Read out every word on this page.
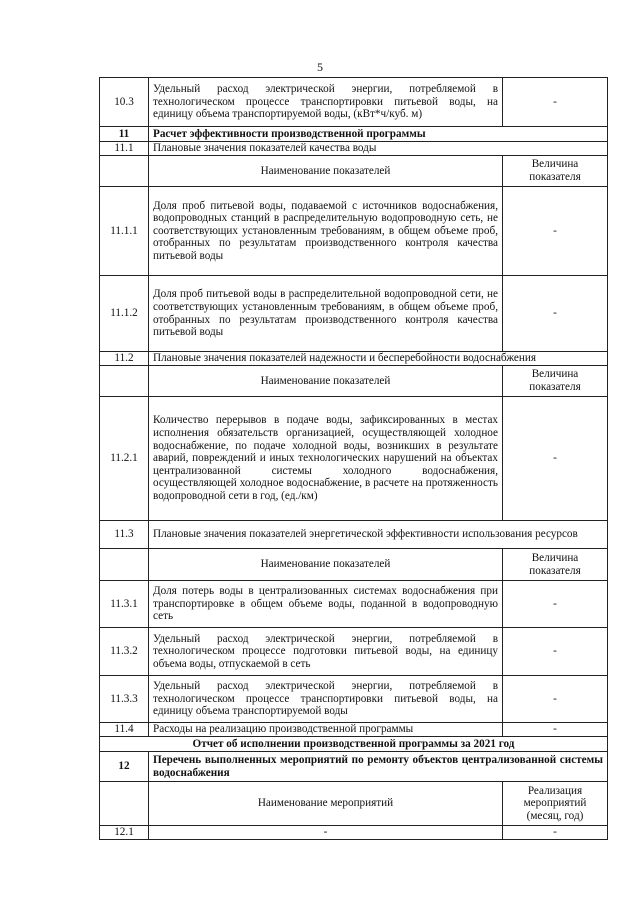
5
10.3	Удельный расход электрической энергии, потребляемой в технологическом процессе транспортировки питьевой воды, на единицу объема транспортируемой воды, (кВт*ч/куб. м)	-
11	Расчет эффективности производственной программы	
11.1	Плановые значения показателей качества воды	
	Наименование показателей	Величина показателя
11.1.1	Доля проб питьевой воды, подаваемой с источников водоснабжения, водопроводных станций в распределительную водопроводную сеть, не соответствующих установленным требованиям, в общем объеме проб, отобранных по результатам производственного контроля качества питьевой воды	-
11.1.2	Доля проб питьевой воды в распределительной водопроводной сети, не соответствующих установленным требованиям, в общем объеме проб, отобранных по результатам производственного контроля качества питьевой воды	-
11.2	Плановые значения показателей надежности и бесперебойности водоснабжения	
	Наименование показателей	Величина показателя
11.2.1	Количество перерывов в подаче воды, зафиксированных в местах исполнения обязательств организацией, осуществляющей холодное водоснабжение, по подаче холодной воды, возникших в результате аварий, повреждений и иных технологических нарушений на объектах централизованной системы холодного водоснабжения, осуществляющей холодное водоснабжение, в расчете на протяженность водопроводной сети в год, (ед./км)	-
11.3	Плановые значения показателей энергетической эффективности использования ресурсов	
	Наименование показателей	Величина показателя
11.3.1	Доля потерь воды в централизованных системах водоснабжения при транспортировке в общем объеме воды, поданной в водопроводную сеть	-
11.3.2	Удельный расход электрической энергии, потребляемой в технологическом процессе подготовки питьевой воды, на единицу объема воды, отпускаемой в сеть	-
11.3.3	Удельный расход электрической энергии, потребляемой в технологическом процессе транспортировки питьевой воды, на единицу объема транспортируемой воды	-
11.4	Расходы на реализацию производственной программы	-
Отчет об исполнении производственной программы за 2021 год		
12	Перечень выполненных мероприятий по ремонту объектов централизованной системы водоснабжения	
	Наименование мероприятий	Реализация мероприятий (месяц, год)
12.1	-	-
